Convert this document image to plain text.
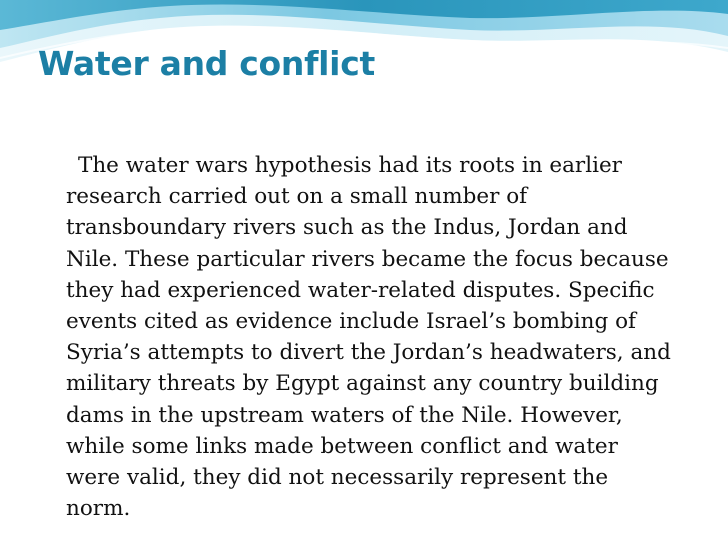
Water and conflict

The water wars hypothesis had its roots in earlier
research carried out on a small number of
transboundary rivers such as the Indus, Jordan and
Nile. These particular rivers became the focus because
they had experienced water-related disputes. Specific
events cited as evidence include Israel’s bombing of
Syria’s attempts to divert the Jordan’s headwaters, and
military threats by Egypt against any country building
dams in the upstream waters of the Nile. However,
while some links made between conflict and water
were valid, they did not necessarily represent the
norm.
